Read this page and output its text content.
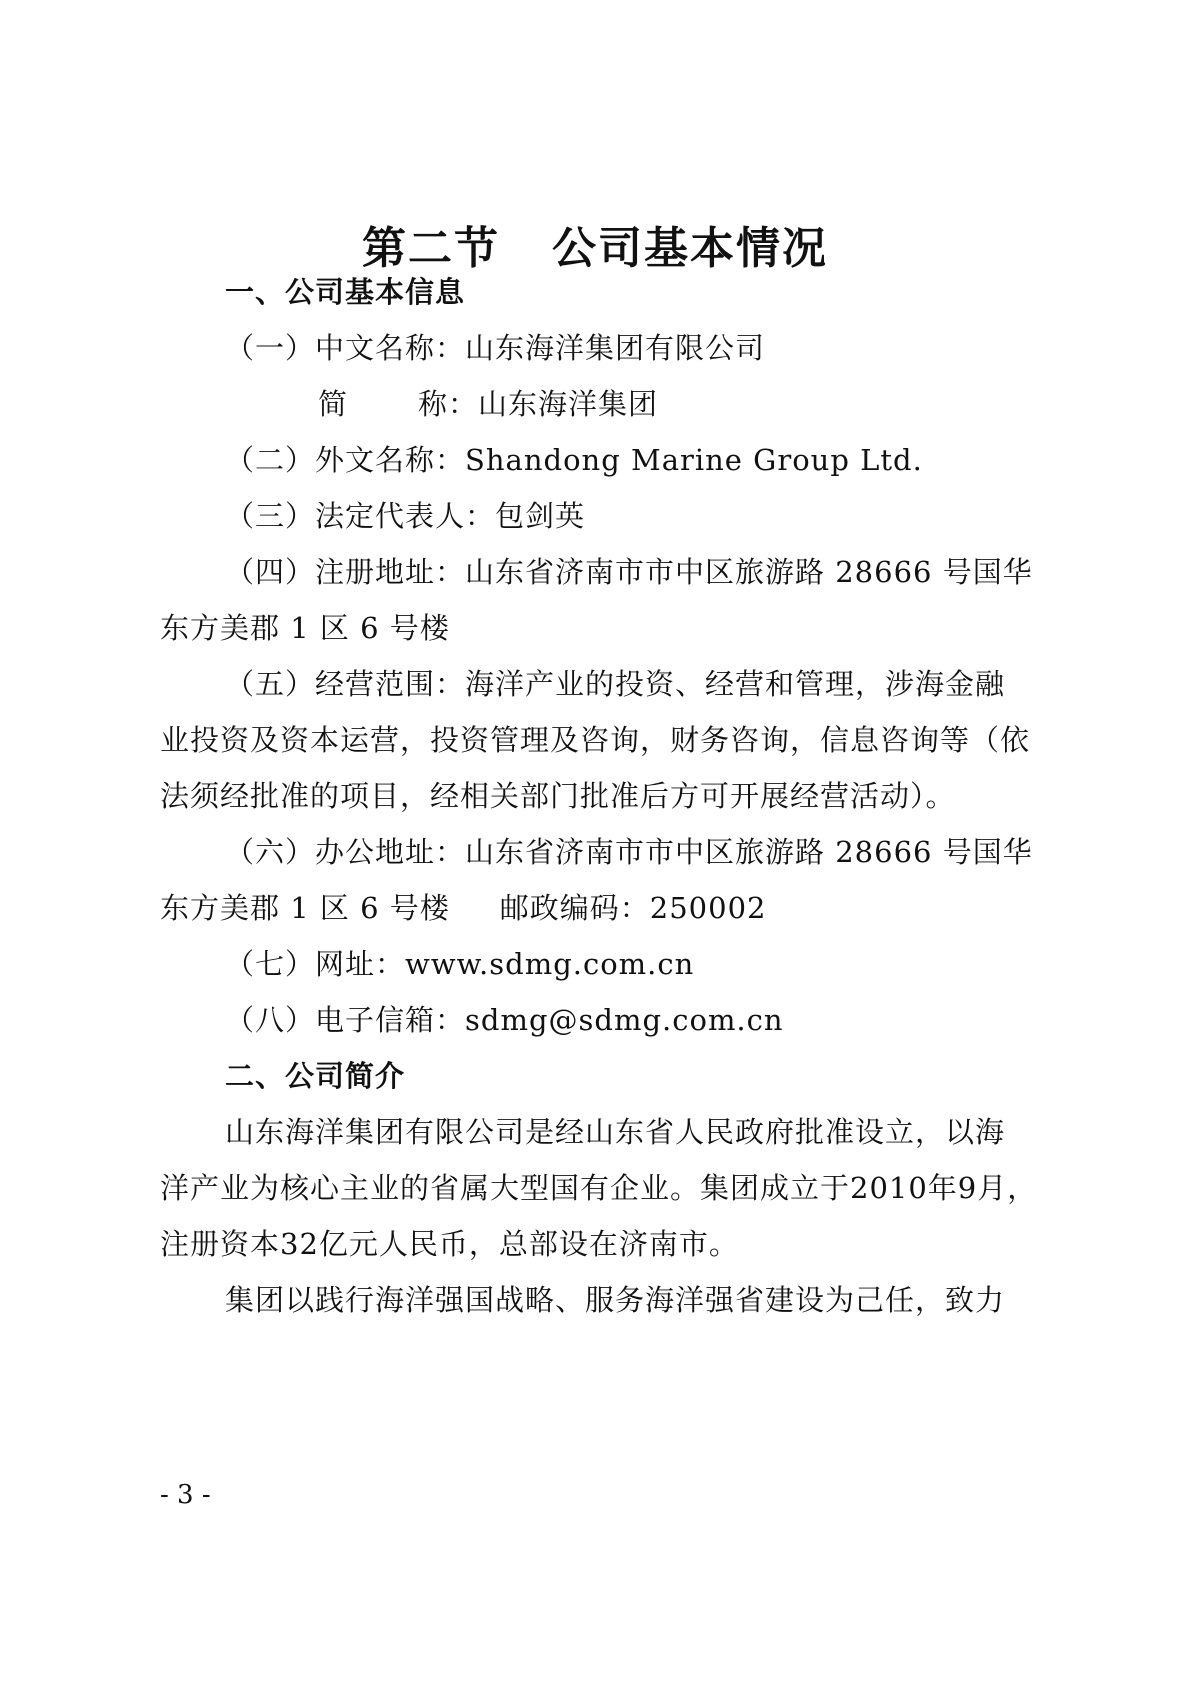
第二节 公司基本情况
一、公司基本信息
（一）中文名称：山东海洋集团有限公司
简 称：山东海洋集团
（二）外文名称：Shandong Marine Group Ltd.
（三）法定代表人：包剑英
（四）注册地址：山东省济南市市中区旅游路 28666 号国华
东方美郡 1 区 6 号楼
（五）经营范围：海洋产业的投资、经营和管理，涉海金融
业投资及资本运营，投资管理及咨询，财务咨询，信息咨询等（依
法须经批准的项目，经相关部门批准后方可开展经营活动）。
（六）办公地址：山东省济南市市中区旅游路 28666 号国华
东方美郡 1 区 6 号楼 邮政编码：250002
（七）网址：www.sdmg.com.cn
（八）电子信箱：sdmg@sdmg.com.cn
二、公司简介
山东海洋集团有限公司是经山东省人民政府批准设立，以海
洋产业为核心主业的省属大型国有企业。集团成立于2010年9月，
注册资本32亿元人民币，总部设在济南市。
集团以践行海洋强国战略、服务海洋强省建设为己任，致力
- 3 -
